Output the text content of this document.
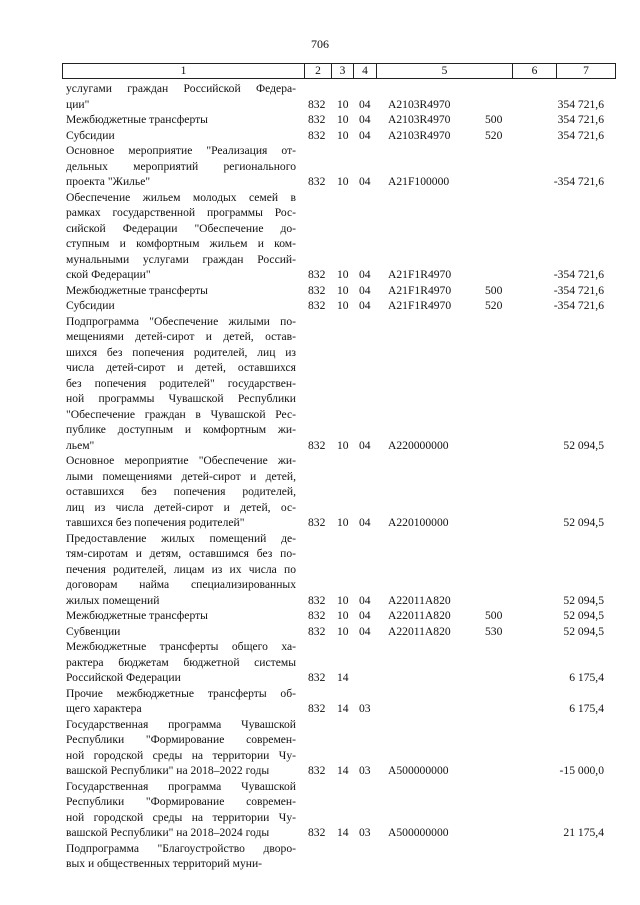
706
1	2	3	4	5	6	7
услугами граждан Российской Федера-
ции"	832 10 04 А2103R4970	354 721,6
Межбюджетные трансферты	832 10 04 А2103R4970	500	354 721,6
Субсидии	832 10 04 А2103R4970	520	354 721,6
Основное мероприятие "Реализация от-
дельных мероприятий регионального
проекта "Жилье"	832 10 04 А21F100000	-354 721,6
Обеспечение жильем молодых семей в
рамках государственной программы Рос-
сийской Федерации "Обеспечение до-
ступным и комфортным жильем и ком-
мунальными услугами граждан Россий-
ской Федерации"	832 10 04 А21F1R4970	-354 721,6
Межбюджетные трансферты	832 10 04 А21F1R4970	500	-354 721,6
Субсидии	832 10 04 А21F1R4970	520	-354 721,6
Подпрограмма "Обеспечение жилыми по-
мещениями детей-сирот и детей, остав-
шихся без попечения родителей, лиц из
числа детей-сирот и детей, оставшихся
без попечения родителей" государствен-
ной программы Чувашской Республики
"Обеспечение граждан в Чувашской Рес-
публике доступным и комфортным жи-
льем"	832 10 04 А220000000	52 094,5
Основное мероприятие "Обеспечение жи-
лыми помещениями детей-сирот и детей,
оставшихся без попечения родителей,
лиц из числа детей-сирот и детей, ос-
тавшихся без попечения родителей"	832 10 04 А220100000	52 094,5
Предоставление жилых помещений де-
тям-сиротам и детям, оставшимся без по-
печения родителей, лицам из их числа по
договорам найма специализированных
жилых помещений	832 10 04 А22011А820	52 094,5
Межбюджетные трансферты	832 10 04 А22011А820	500	52 094,5
Субвенции	832 10 04 А22011А820	530	52 094,5
Межбюджетные трансферты общего ха-
рактера бюджетам бюджетной системы
Российской Федерации	832 14	6 175,4
Прочие межбюджетные трансферты об-
щего характера	832 14 03	6 175,4
Государственная программа Чувашской
Республики "Формирование современ-
ной городской среды на территории Чу-
вашской Республики" на 2018–2022 годы	832 14 03 А500000000	-15 000,0
Государственная программа Чувашской
Республики "Формирование современ-
ной городской среды на территории Чу-
вашской Республики" на 2018–2024 годы	832 14 03 А500000000	21 175,4
Подпрограмма "Благоустройство дворо-
вых и общественных территорий муни-
